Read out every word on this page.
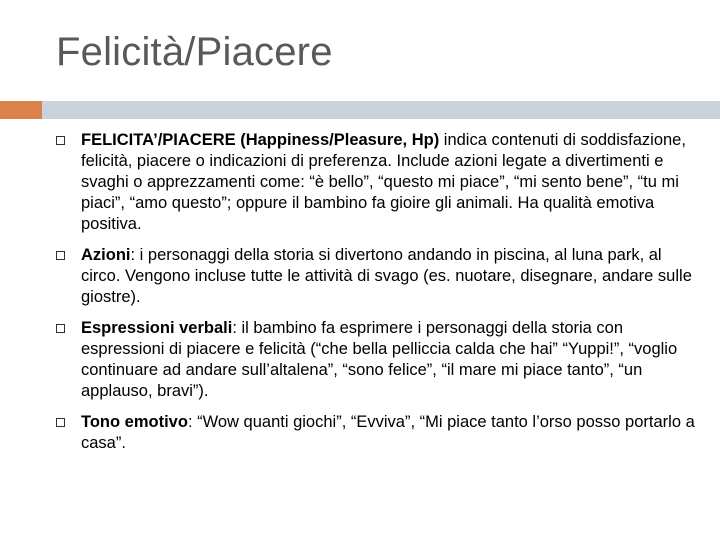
Felicità/Piacere
FELICITA’/PIACERE (Happiness/Pleasure, Hp) indica contenuti di soddisfazione, felicità, piacere o indicazioni di preferenza. Include azioni legate a divertimenti e svaghi o apprezzamenti come: “è bello”, “questo mi piace”, “mi sento bene”, “tu mi piaci”, “amo questo”; oppure il bambino fa gioire gli animali. Ha qualità emotiva positiva.
Azioni: i personaggi della storia si divertono andando in piscina, al luna park, al circo. Vengono incluse tutte le attività di svago (es. nuotare, disegnare, andare sulle giostre).
Espressioni verbali: il bambino fa esprimere i personaggi della storia con espressioni di piacere e felicità (“che bella pelliccia calda che hai” “Yuppi!”, “voglio continuare ad andare sull’altalena”, “sono felice”, “il mare mi piace tanto”, “un applauso, bravi”).
Tono emotivo: “Wow quanti giochi”, “Evviva”, “Mi piace tanto l’orso posso portarlo a casa”.
